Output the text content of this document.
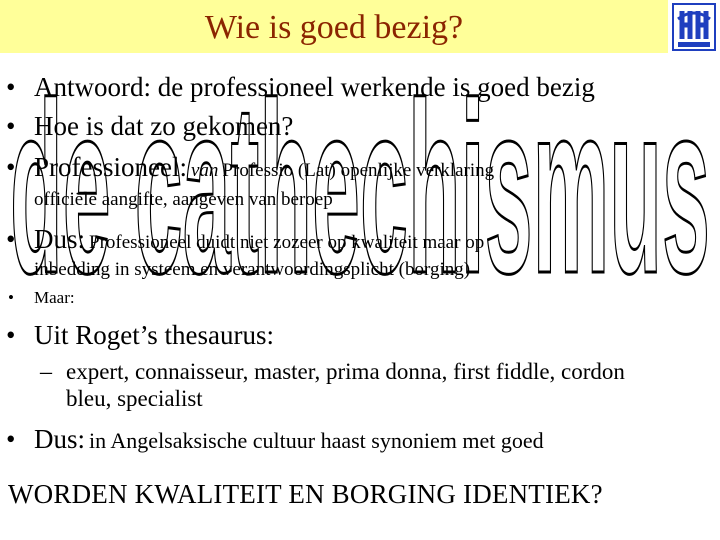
Wie is goed bezig?
• Antwoord: de professioneel werkende is goed bezig
• Hoe is dat zo gekomen?
• Professioneel: van Professio (Lat) openlijke verklaring
officiële aangifte, aangeven van beroep
• Dus: Professioneel duidt niet zozeer op kwaliteit maar op
inbedding in systeem en verantwoordingsplicht (borging)
• Maar:
• Uit Roget’s thesaurus:
– expert, connaisseur, master, prima donna, first fiddle, cordon
bleu, specialist
• Dus: in Angelsaksische cultuur haast synoniem met goed
WORDEN KWALITEIT EN BORGING IDENTIEK?
de cathechismus
